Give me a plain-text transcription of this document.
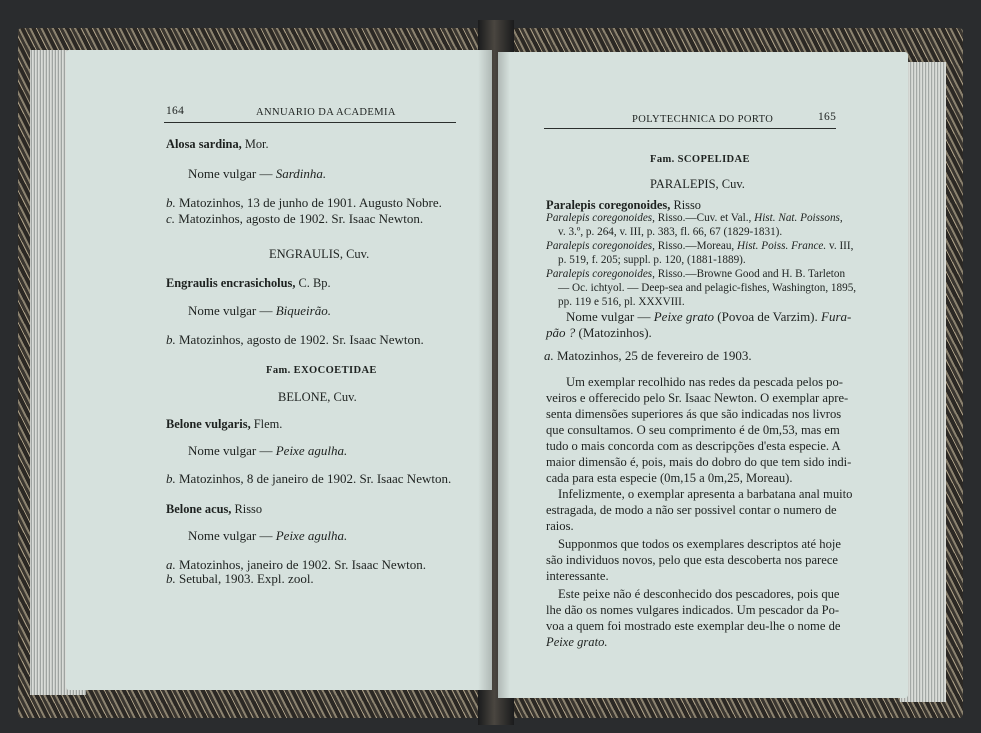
164	ANNUARIO DA ACADEMIA
Alosa sardina, Mor.
Nome vulgar — Sardinha.
b. Matozinhos, 13 de junho de 1901. Augusto Nobre.
c. Matozinhos, agosto de 1902. Sr. Isaac Newton.
ENGRAULIS, Cuv.
Engraulis encrasicholus, C. Bp.
Nome vulgar — Biqueirão.
b. Matozinhos, agosto de 1902. Sr. Isaac Newton.
Fam. EXOCOETIDAE
BELONE, Cuv.
Belone vulgaris, Flem.
Nome vulgar — Peixe agulha.
b. Matozinhos, 8 de janeiro de 1902. Sr. Isaac Newton.
Belone acus, Risso
Nome vulgar — Peixe agulha.
a. Matozinhos, janeiro de 1902. Sr. Isaac Newton.
b. Setubal, 1903. Expl. zool.
POLYTECHNICA DO PORTO	165
Fam. SCOPELIDAE
PARALEPIS, Cuv.
Paralepis coregonoides, Risso
Paralepis coregonoides, Risso.—Cuv. et Val., Hist. Nat. Poissons,
v. 3.º, p. 264, v. III, p. 383, fl. 66, 67 (1829-1831).
Paralepis coregonoides, Risso.—Moreau, Hist. Poiss. France. v. III,
p. 519, f. 205; suppl. p. 120, (1881-1889).
Paralepis coregonoides, Risso.—Browne Good and H. B. Tarleton
— Oc. ichtyol. — Deep-sea and pelagic-fishes, Washington, 1895,
pp. 119 e 516, pl. XXXVIII.
Nome vulgar — Peixe grato (Povoa de Varzim). Fura-
pão ? (Matozinhos).
a. Matozinhos, 25 de fevereiro de 1903.
Um exemplar recolhido nas redes da pescada pelos po-
veiros e offerecido pelo Sr. Isaac Newton. O exemplar apre-
senta dimensões superiores ás que são indicadas nos livros
que consultamos. O seu comprimento é de 0m,53, mas em
tudo o mais concorda com as descripções d'esta especie. A
maior dimensão é, pois, mais do dobro do que tem sido indi-
cada para esta especie (0m,15 a 0m,25, Moreau).
Infelizmente, o exemplar apresenta a barbatana anal muito
estragada, de modo a não ser possivel contar o numero de
raios.
Supponmos que todos os exemplares descriptos até hoje
são individuos novos, pelo que esta descoberta nos parece
interessante.
Este peixe não é desconhecido dos pescadores, pois que
lhe dão os nomes vulgares indicados. Um pescador da Po-
voa a quem foi mostrado este exemplar deu-lhe o nome de
Peixe grato.
